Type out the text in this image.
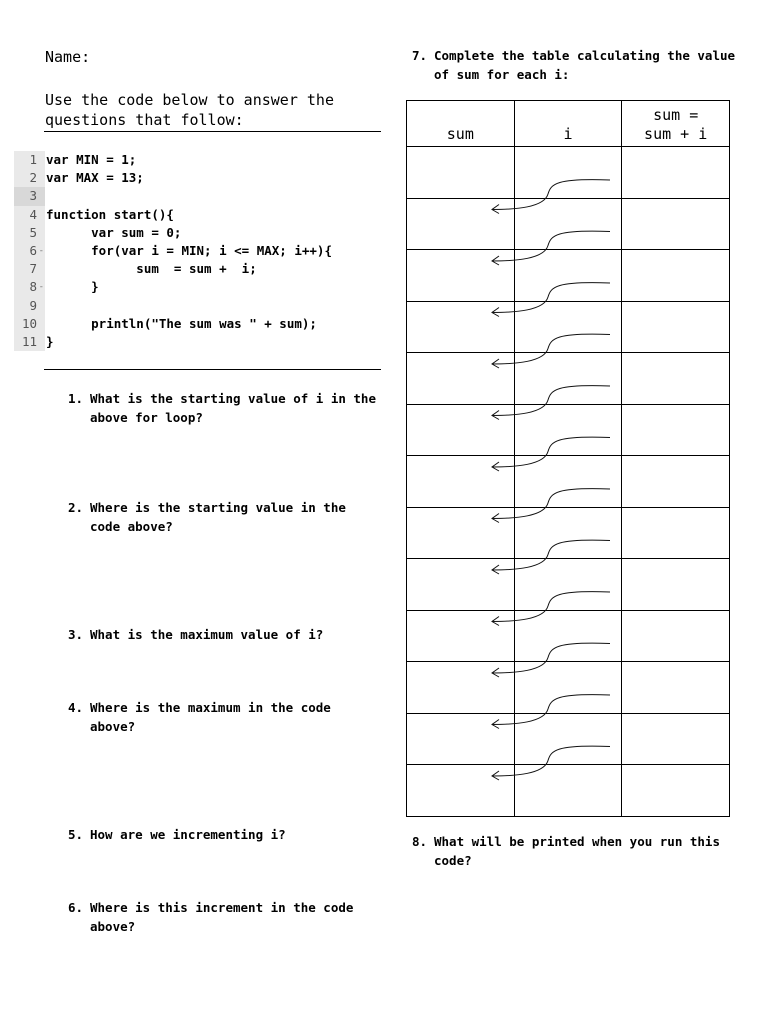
Name:
Use the code below to answer the
questions that follow:
1 var MIN = 1;
2 var MAX = 13;
3
4 function start(){
5 var sum = 0;
6 - for(var i = MIN; i <= MAX; i++){
7 sum  = sum +  i;
8 - }
9
10 println("The sum was " + sum);
11 }
1. What is the starting value of i in the above for loop?
2. Where is the starting value in the code above?
3. What is the maximum value of i?
4. Where is the maximum in the code above?
5. How are we incrementing i?
6. Where is this increment in the code above?
7. Complete the table calculating the value of sum for each i:
sum	i	sum =
sum + i

8. What will be printed when you run this code?
